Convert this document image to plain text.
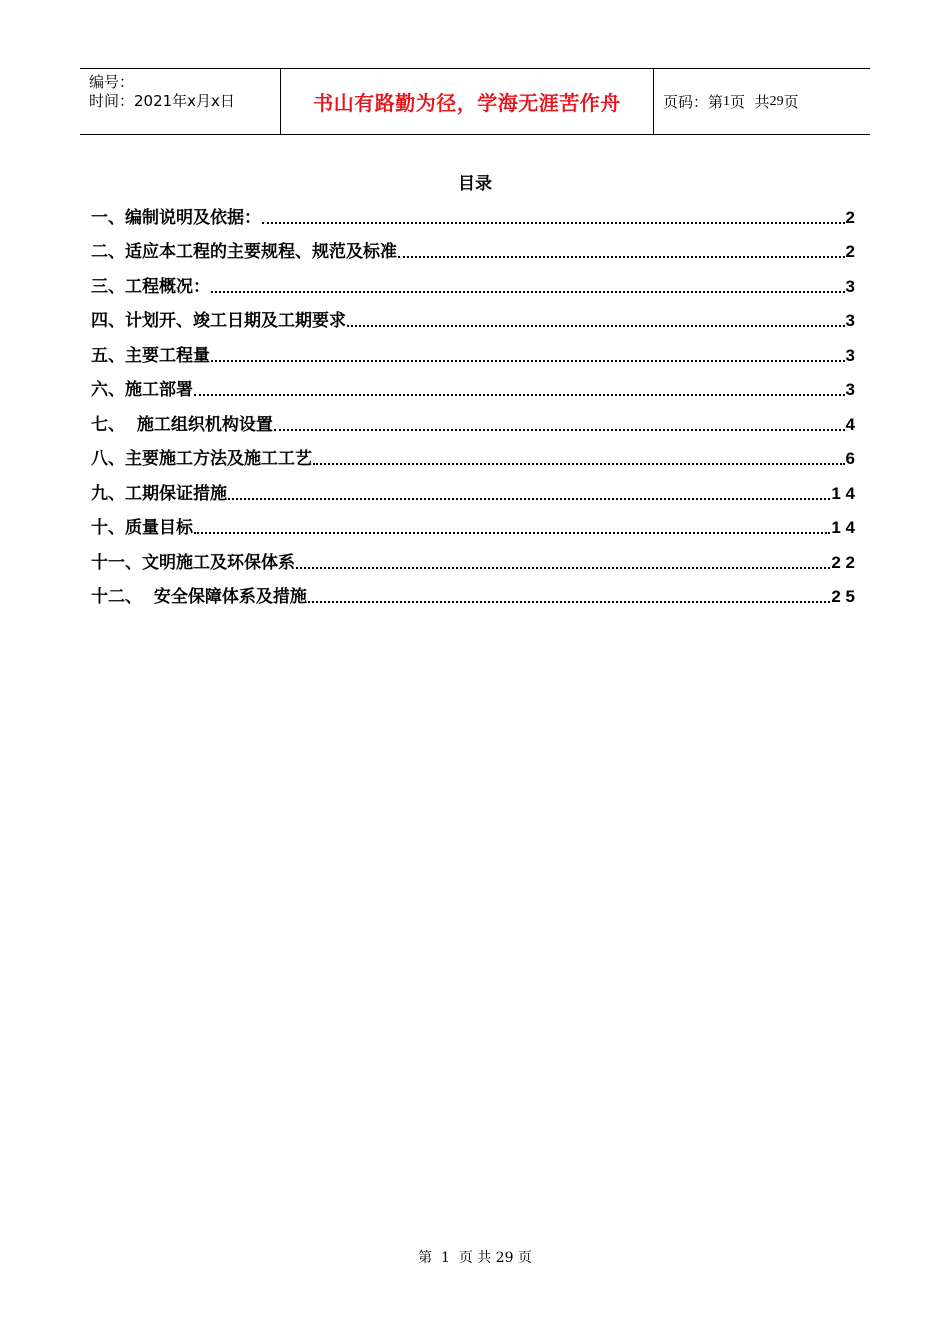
编号：
时间：2021年x月x日	书山有路勤为径，学海无涯苦作舟	页码：第 1 页  共 29 页
目录
一、编制说明及依据：	2
二、适应本工程的主要规程、规范及标准	2
三、工程概况：	3
四、计划开、竣工日期及工期要求	3
五、主要工程量	3
六、施工部署	3
七、  施工组织机构设置	4
八、主要施工方法及施工工艺	6
九、工期保证措施	1 4
十、质量目标	1 4
十一、文明施工及环保体系	2 2
十二、  安全保障体系及措施	2 5
第  1  页 共 29 页
